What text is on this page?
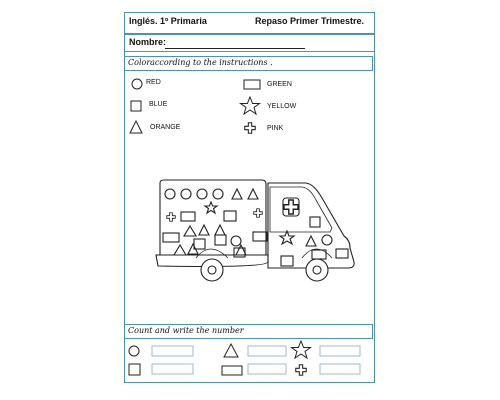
Inglés. 1º Primaria	Repaso Primer Trimestre.
Nombre:
Coloraccording to the instructions .
RED	GREEN
BLUE	YELLOW
ORANGE	PINK
Count and write the number
